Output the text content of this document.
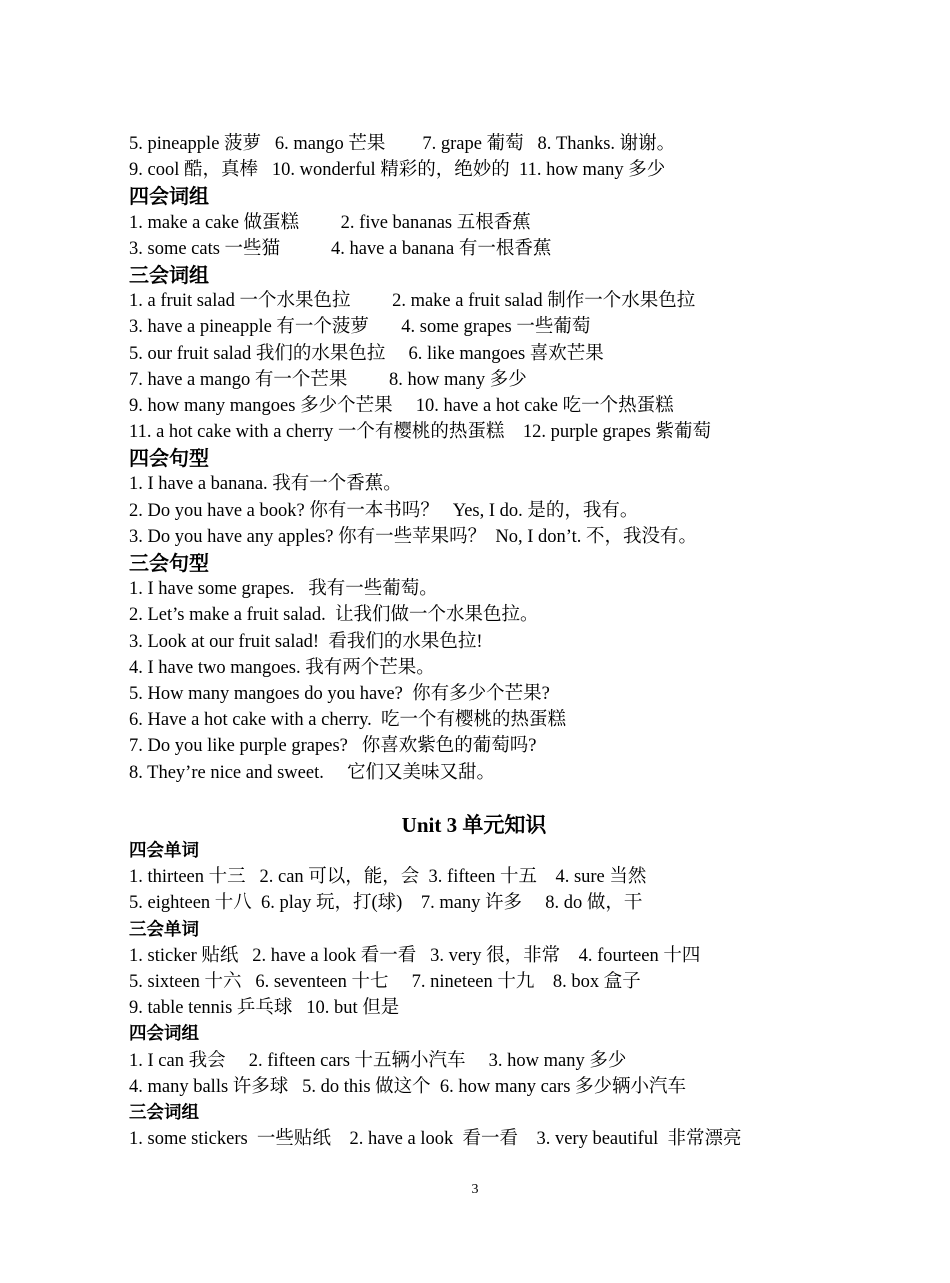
5. pineapple 菠萝   6. mango 芒果        7. grape 葡萄   8. Thanks. 谢谢。
9. cool 酷，真棒   10. wonderful 精彩的，绝妙的  11. how many 多少
四会词组
1. make a cake 做蛋糕         2. five bananas 五根香蕉
3. some cats 一些猫           4. have a banana 有一根香蕉
三会词组
1. a fruit salad 一个水果色拉         2. make a fruit salad 制作一个水果色拉
3. have a pineapple 有一个菠萝       4. some grapes 一些葡萄
5. our fruit salad 我们的水果色拉     6. like mangoes 喜欢芒果
7. have a mango 有一个芒果         8. how many 多少
9. how many mangoes 多少个芒果     10. have a hot cake 吃一个热蛋糕
11. a hot cake with a cherry 一个有樱桃的热蛋糕    12. purple grapes 紫葡萄
四会句型
1. I have a banana. 我有一个香蕉。
2. Do you have a book? 你有一本书吗？   Yes, I do. 是的，我有。
3. Do you have any apples? 你有一些苹果吗？  No, I don’t. 不，我没有。
三会句型
1. I have some grapes.   我有一些葡萄。
2. Let’s make a fruit salad.  让我们做一个水果色拉。
3. Look at our fruit salad!  看我们的水果色拉!
4. I have two mangoes. 我有两个芒果。
5. How many mangoes do you have?  你有多少个芒果?
6. Have a hot cake with a cherry.  吃一个有樱桃的热蛋糕
7. Do you like purple grapes?   你喜欢紫色的葡萄吗?
8. They’re nice and sweet.     它们又美味又甜。
Unit 3 单元知识
四会单词
1. thirteen 十三   2. can 可以，能，会  3. fifteen 十五    4. sure 当然
5. eighteen 十八  6. play 玩，打(球)    7. many 许多     8. do 做，干
三会单词
1. sticker 贴纸   2. have a look 看一看   3. very 很，非常    4. fourteen 十四
5. sixteen 十六   6. seventeen 十七     7. nineteen 十九    8. box 盒子
9. table tennis 乒乓球   10. but 但是
四会词组
1. I can 我会     2. fifteen cars 十五辆小汽车     3. how many 多少
4. many balls 许多球   5. do this 做这个  6. how many cars 多少辆小汽车
三会词组
1. some stickers  一些贴纸    2. have a look  看一看    3. very beautiful  非常漂亮
3
